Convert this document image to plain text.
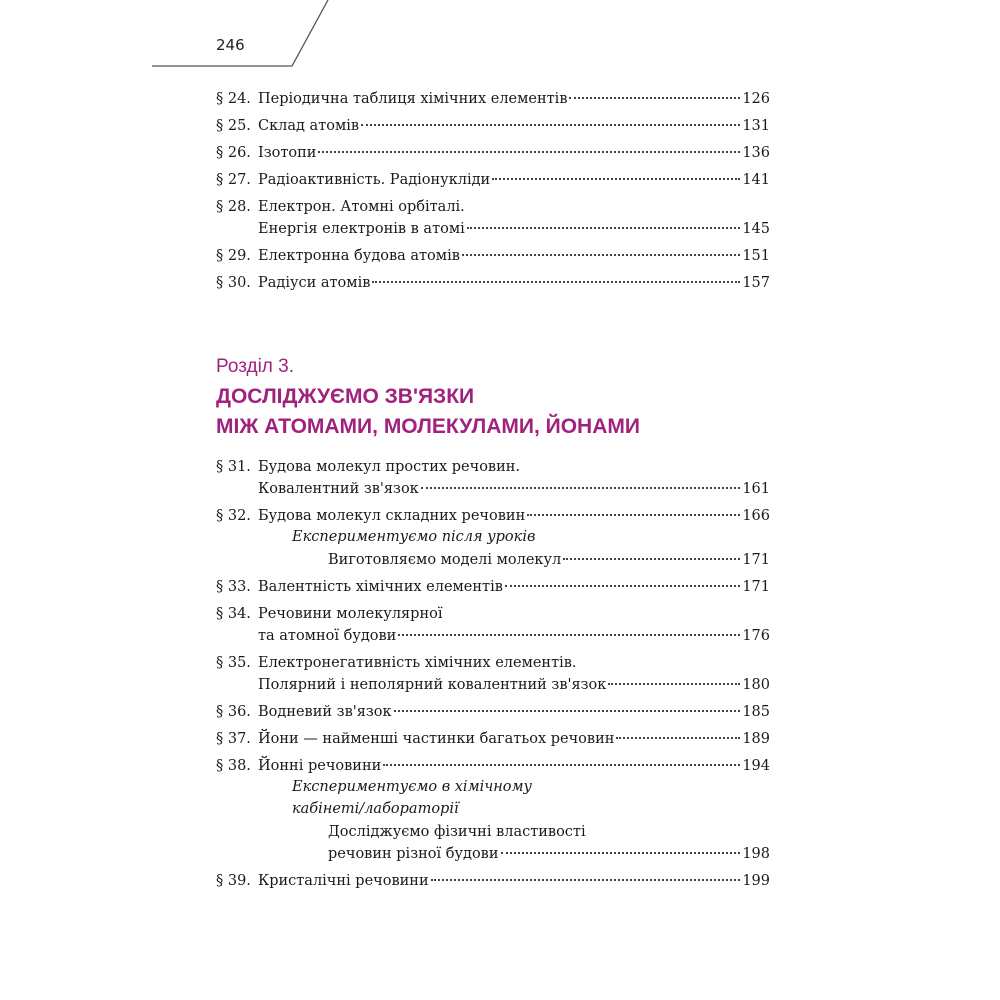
246
§ 24. Періодична таблиця хімічних елементів	126
§ 25. Склад атомів	131
§ 26. Ізотопи	136
§ 27. Радіоактивність. Радіонукліди	141
§ 28. Електрон. Атомні орбіталі.
Енергія електронів в атомі	145
§ 29. Електронна будова атомів	151
§ 30. Радіуси атомів	157
Розділ 3.
ДОСЛІДЖУЄМО ЗВ'ЯЗКИ
МІЖ АТОМАМИ, МОЛЕКУЛАМИ, ЙОНАМИ
§ 31. Будова молекул простих речовин.
Ковалентний зв'язок	161
§ 32. Будова молекул складних речовин	166
Експериментуємо після уроків
Виготовляємо моделі молекул	171
§ 33. Валентність хімічних елементів	171
§ 34. Речовини молекулярної
та атомної будови	176
§ 35. Електронегативність хімічних елементів.
Полярний і неполярний ковалентний зв'язок	180
§ 36. Водневий зв'язок	185
§ 37. Йони — найменші частинки багатьох речовин	189
§ 38. Йонні речовини	194
Експериментуємо в хімічному
кабінеті/лабораторії
Досліджуємо фізичні властивості
речовин різної будови	198
§ 39. Кристалічні речовини	199
